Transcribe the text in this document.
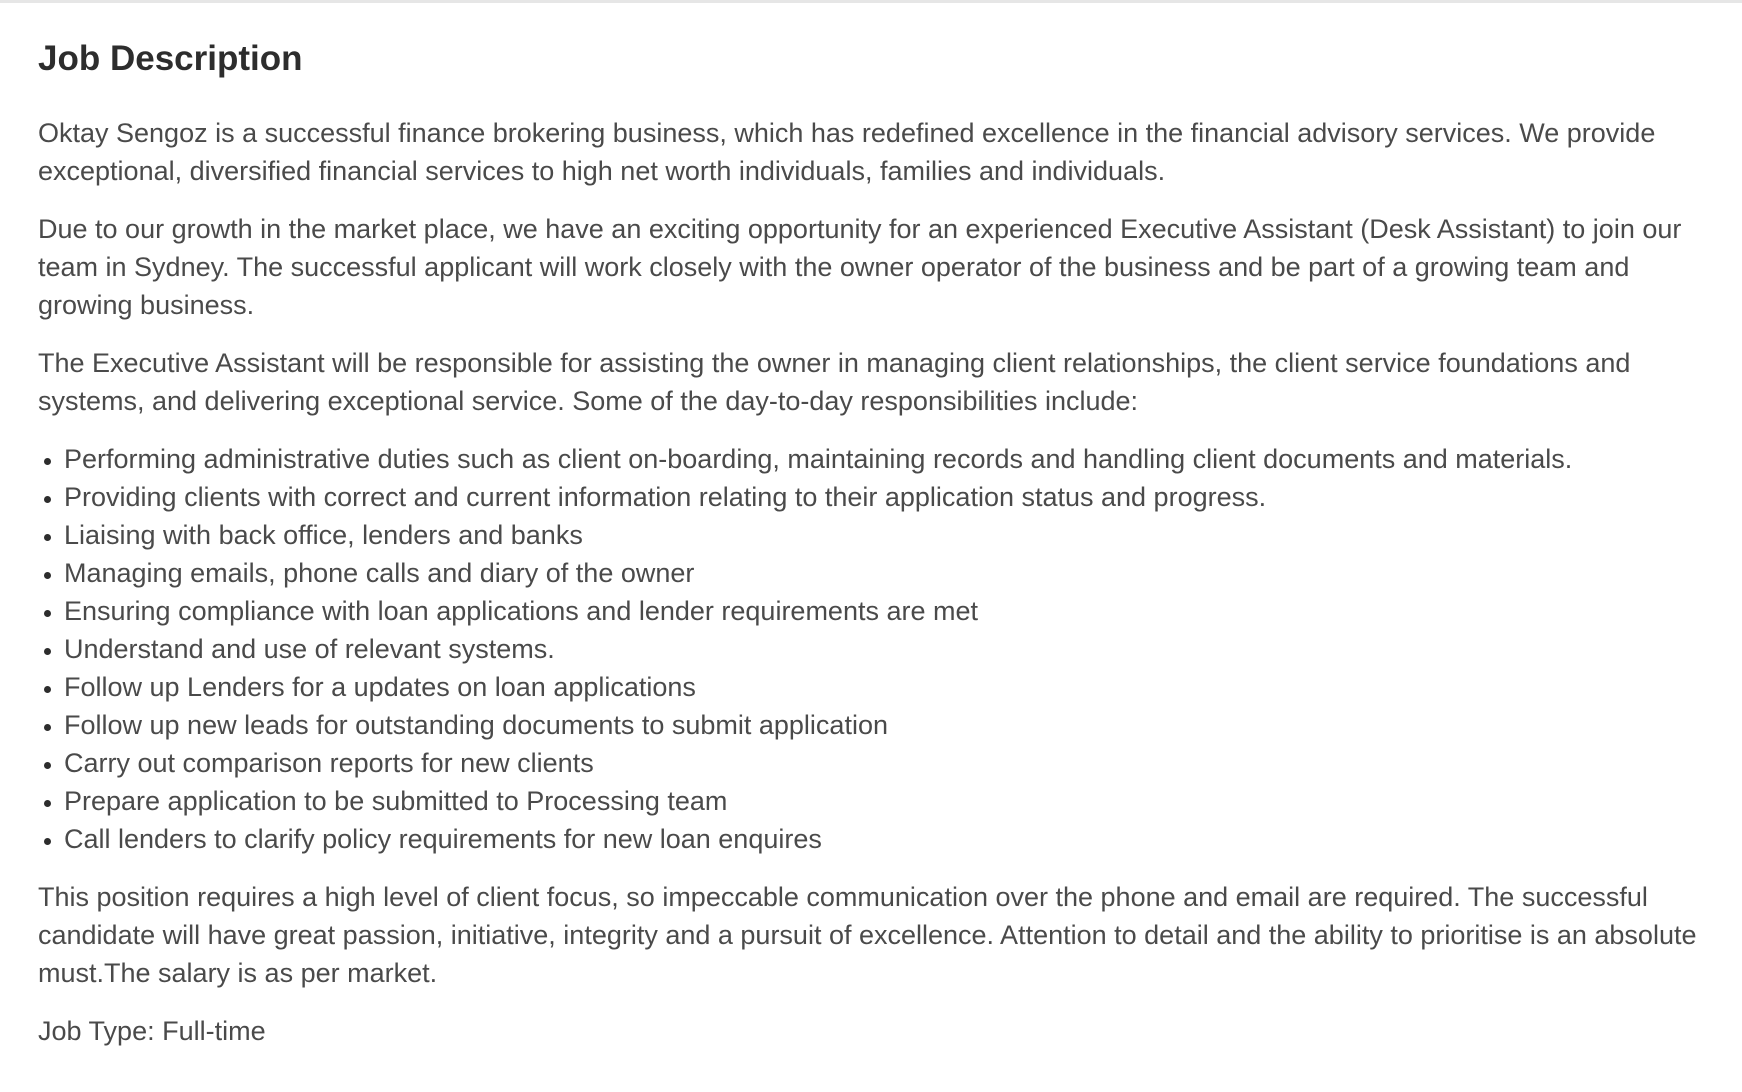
Job Description

Oktay Sengoz is a successful finance brokering business, which has redefined excellence in the financial advisory services. We provide exceptional, diversified financial services to high net worth individuals, families and individuals.

Due to our growth in the market place, we have an exciting opportunity for an experienced Executive Assistant (Desk Assistant) to join our team in Sydney. The successful applicant will work closely with the owner operator of the business and be part of a growing team and growing business.

The Executive Assistant will be responsible for assisting the owner in managing client relationships, the client service foundations and systems, and delivering exceptional service. Some of the day-to-day responsibilities include:

• Performing administrative duties such as client on-boarding, maintaining records and handling client documents and materials.
• Providing clients with correct and current information relating to their application status and progress.
• Liaising with back office, lenders and banks
• Managing emails, phone calls and diary of the owner
• Ensuring compliance with loan applications and lender requirements are met
• Understand and use of relevant systems.
• Follow up Lenders for a updates on loan applications
• Follow up new leads for outstanding documents to submit application
• Carry out comparison reports for new clients
• Prepare application to be submitted to Processing team
• Call lenders to clarify policy requirements for new loan enquires

This position requires a high level of client focus, so impeccable communication over the phone and email are required. The successful candidate will have great passion, initiative, integrity and a pursuit of excellence. Attention to detail and the ability to prioritise is an absolute must.The salary is as per market.

Job Type: Full-time
